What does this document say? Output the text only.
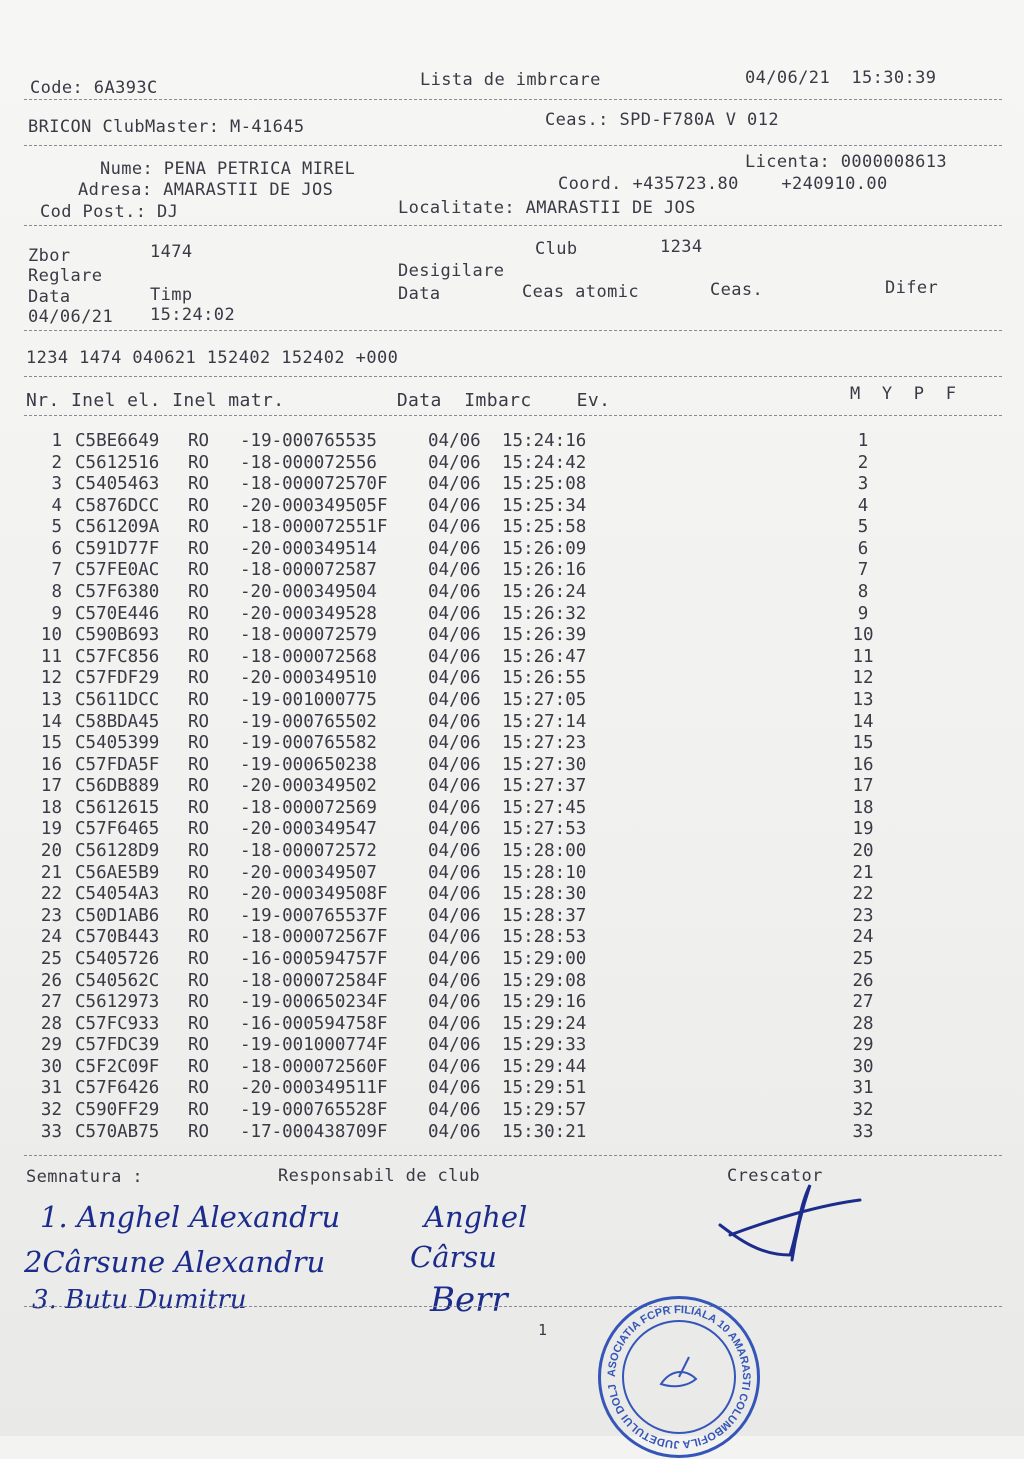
Code: 6A393C	Lista de imbrcare	04/06/21  15:30:39
BRICON ClubMaster: M-41645	Ceas.: SPD-F780A V 012
Nume: PENA PETRICA MIREL
Adresa: AMARASTII DE JOS
Cod Post.: DJ
Licenta: 0000008613
Coord. +435723.80    +240910.00
Localitate: AMARASTII DE JOS
Zbor	1474	Club	1234
Reglare	Desigilare
Data	Timp	Data	Ceas atomic	Ceas.	Difer
04/06/21 15:24:02
1234 1474 040621 152402 152402 +000
Nr. Inel el. Inel matr.          Data  Imbarc    Ev.	M  Y  P  F
1 C5BE6649 RO -19-000765535	04/06 15:24:16	1
2 C5612516 RO -18-000072556	04/06 15:24:42	2
3 C5405463 RO -18-000072570F 04/06 15:25:08	3
4 C5876DCC RO -20-000349505F 04/06 15:25:34	4
5 C561209A RO -18-000072551F 04/06 15:25:58	5
6 C591D77F RO -20-000349514	04/06 15:26:09	6
7 C57FE0AC RO -18-000072587	04/06 15:26:16	7
8 C57F6380 RO -20-000349504	04/06 15:26:24	8
9 C570E446 RO -20-000349528	04/06 15:26:32	9
10 C590B693 RO -18-000072579	04/06 15:26:39	10
11 C57FC856 RO -18-000072568	04/06 15:26:47	11
12 C57FDF29 RO -20-000349510	04/06 15:26:55	12
13 C5611DCC RO -19-001000775	04/06 15:27:05	13
14 C58BDA45 RO -19-000765502	04/06 15:27:14	14
15 C5405399 RO -19-000765582	04/06 15:27:23	15
16 C57FDA5F RO -19-000650238	04/06 15:27:30	16
17 C56DB889 RO -20-000349502	04/06 15:27:37	17
18 C5612615 RO -18-000072569	04/06 15:27:45	18
19 C57F6465 RO -20-000349547	04/06 15:27:53	19
20 C56128D9 RO -18-000072572	04/06 15:28:00	20
21 C56AE5B9 RO -20-000349507	04/06 15:28:10	21
22 C54054A3 RO -20-000349508F 04/06 15:28:30	22
23 C50D1AB6 RO -19-000765537F 04/06 15:28:37	23
24 C570B443 RO -18-000072567F 04/06 15:28:53	24
25 C5405726 RO -16-000594757F 04/06 15:29:00	25
26 C540562C RO -18-000072584F 04/06 15:29:08	26
27 C5612973 RO -19-000650234F 04/06 15:29:16	27
28 C57FC933 RO -16-000594758F 04/06 15:29:24	28
29 C57FDC39 RO -19-001000774F 04/06 15:29:33	29
30 C5F2C09F RO -18-000072560F 04/06 15:29:44	30
31 C57F6426 RO -20-000349511F 04/06 15:29:51	31
32 C590FF29 RO -19-000765528F 04/06 15:29:57	32
33 C570AB75 RO -17-000438709F 04/06 15:30:21	33
Semnatura :	Responsabil de club	Crescator
1. Anghel Alexandru
2Cârsune Alexandru
3. Butu Dumitru
Anghel
Cârsu
Berr
1
ASOCIATIA FCPR FILIALA 10 AMARASTI COLUMBOFILA JUDETULUI DOLJ
